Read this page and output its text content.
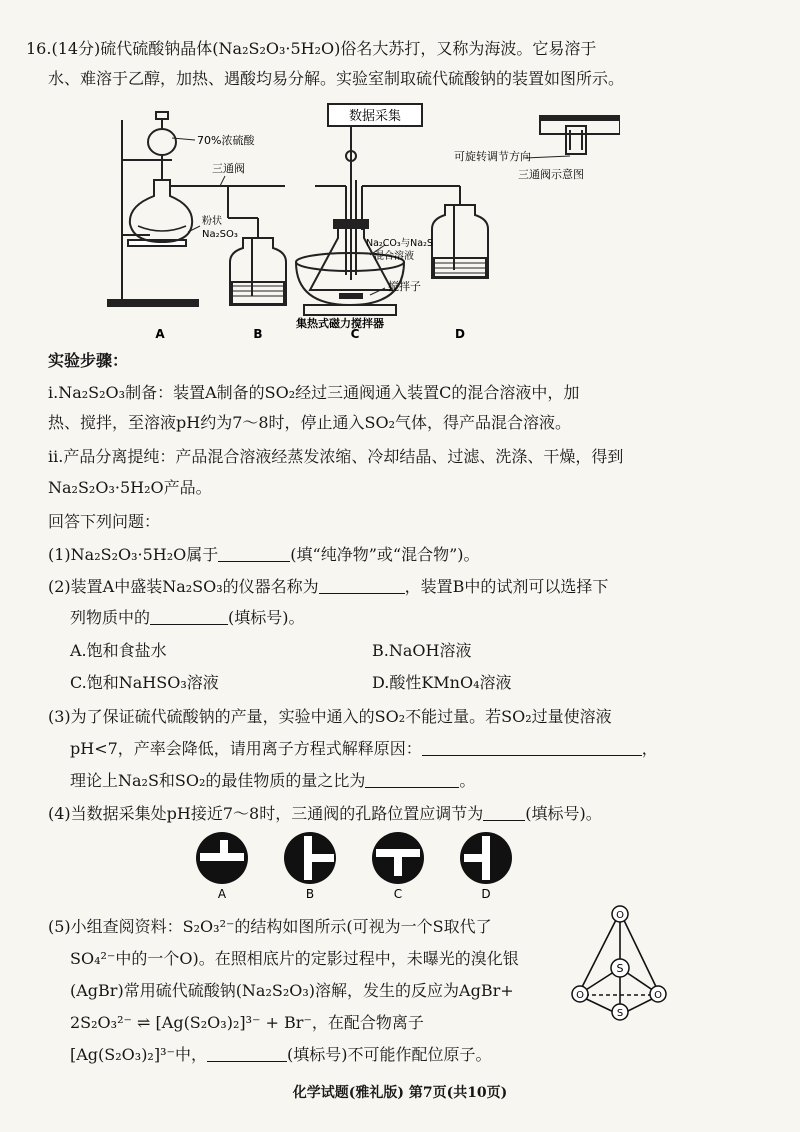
16.(14分)硫代硫酸钠晶体(Na₂S₂O₃·5H₂O)俗名大苏打，又称为海波。它易溶于
水、难溶于乙醇，加热、遇酸均易分解。实验室制取硫代硫酸钠的装置如图所示。
数据采集
70%浓硫酸
三通阀
粉状
Na₂SO₃
Na₂CO₃与Na₂S
混合溶液
搅拌子
集热式磁力搅拌器
可旋转调节方向
三通阀示意图
A	B	C	D
实验步骤：
ⅰ.Na₂S₂O₃制备：装置A制备的SO₂经过三通阀通入装置C的混合溶液中，加
热、搅拌，至溶液pH约为7～8时，停止通入SO₂气体，得产品混合溶液。
ⅱ.产品分离提纯：产品混合溶液经蒸发浓缩、冷却结晶、过滤、洗涤、干燥，得到
Na₂S₂O₃·5H₂O产品。
回答下列问题：
(1)Na₂S₂O₃·5H₂O属于	(填“纯净物”或“混合物”)。
(2)装置A中盛装Na₂SO₃的仪器名称为	，装置B中的试剂可以选择下
列物质中的	(填标号)。
A.饱和食盐水	B.NaOH溶液
C.饱和NaHSO₃溶液	D.酸性KMnO₄溶液
(3)为了保证硫代硫酸钠的产量，实验中通入的SO₂不能过量。若SO₂过量使溶液
pH<7，产率会降低，请用离子方程式解释原因：	，
理论上Na₂S和SO₂的最佳物质的量之比为	。
(4)当数据采集处pH接近7～8时，三通阀的孔路位置应调节为	(填标号)。
A	B	C	D
(5)小组查阅资料：S₂O₃²⁻的结构如图所示(可视为一个S取代了
SO₄²⁻中的一个O)。在照相底片的定影过程中，未曝光的溴化银
(AgBr)常用硫代硫酸钠(Na₂S₂O₃)溶解，发生的反应为AgBr+
2S₂O₃²⁻ ⇌ [Ag(S₂O₃)₂]³⁻ + Br⁻，在配合物离子
[Ag(S₂O₃)₂]³⁻中，	(填标号)不可能作配位原子。
O
S
O	O
S
化学试题(雅礼版) 第7页(共10页)
